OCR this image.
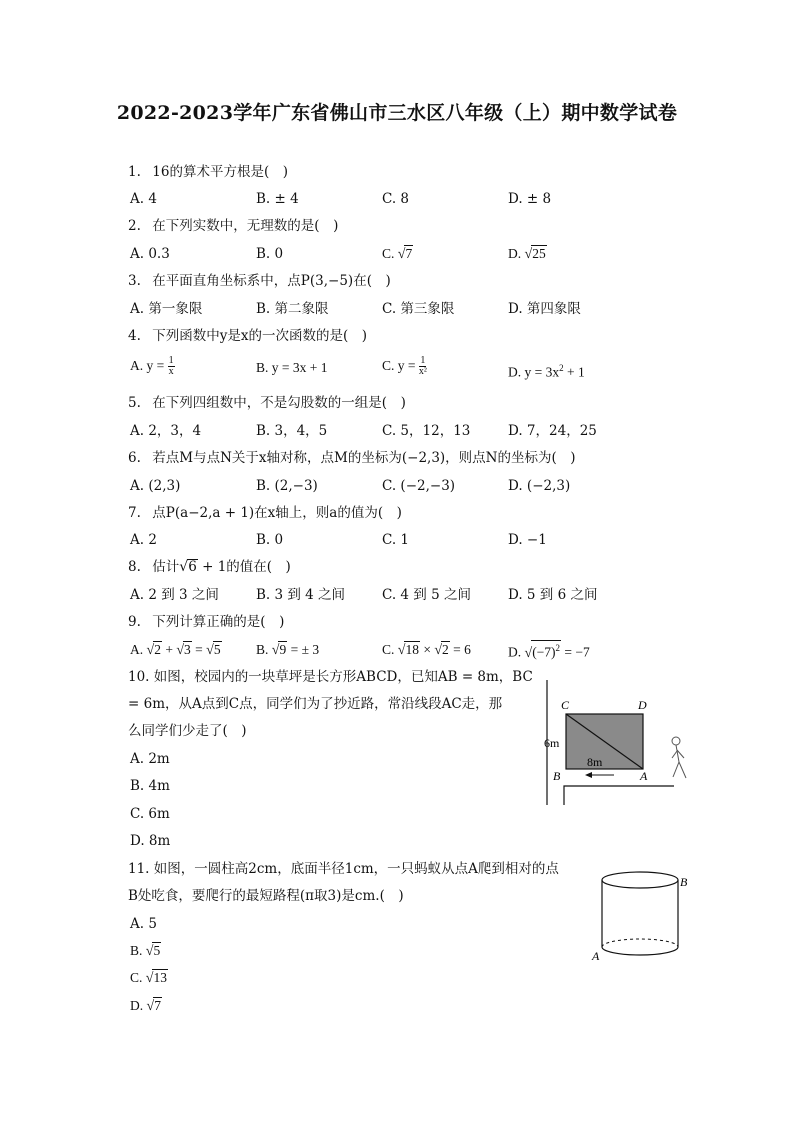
2022-2023学年广东省佛山市三水区八年级（上）期中数学试卷
1. 16的算术平方根是( )
A. 4	B. ± 4	C. 8	D. ± 8
2. 在下列实数中，无理数的是( )
A. 0.3	B. 0	C. √7	D. √25
3. 在平面直角坐标系中，点P(3,−5)在( )
A. 第一象限	B. 第二象限	C. 第三象限	D. 第四象限
4. 下列函数中y是x的一次函数的是( )
A. $y = \frac{1}{x}$	B. y = 3x + 1	C. $y = \frac{1}{\text{x²}}$	D. $y = 3x^2 + 1$
5. 在下列四组数中，不是勾股数的一组是( )
A. 2，3，4	B. 3，4，5	C. 5，12，13	D. 7，24，25
6. 若点M与点N关于x轴对称，点M的坐标为(−2,3)，则点N的坐标为( )
A. (2,3)	B. (2,−3)	C. (−2,−3)	D. (−2,3)
7. 点P(a−2,a + 1)在x轴上，则a的值为( )
A. 2	B. 0	C. 1	D. −1
8. 估计√6 + 1的值在( )
A. 2 到 3 之间	B. 3 到 4 之间	C. 4 到 5 之间	D. 5 到 6 之间
9. 下列计算正确的是( )
A. √2 + √3 = √5	B. √9 = ± 3	C. √18 × √2 = 6	D. $√(-7)^2 = -7$
10. 如图，校园内的一块草坪是长方形ABCD，已知AB = 8m，BC
= 6m，从A点到C点，同学们为了抄近路，常沿线段AC走，那
么同学们少走了( )
A. 2m
B. 4m
C. 6m
D. 8m
C	D
B	A
6m
8m
11. 如图，一圆柱高2cm，底面半径1cm，一只蚂蚁从点A爬到相对的点
B处吃食，要爬行的最短路程(π取3)是cm.( )
A. 5
B. √5
C. √13
D. √7
B
A
